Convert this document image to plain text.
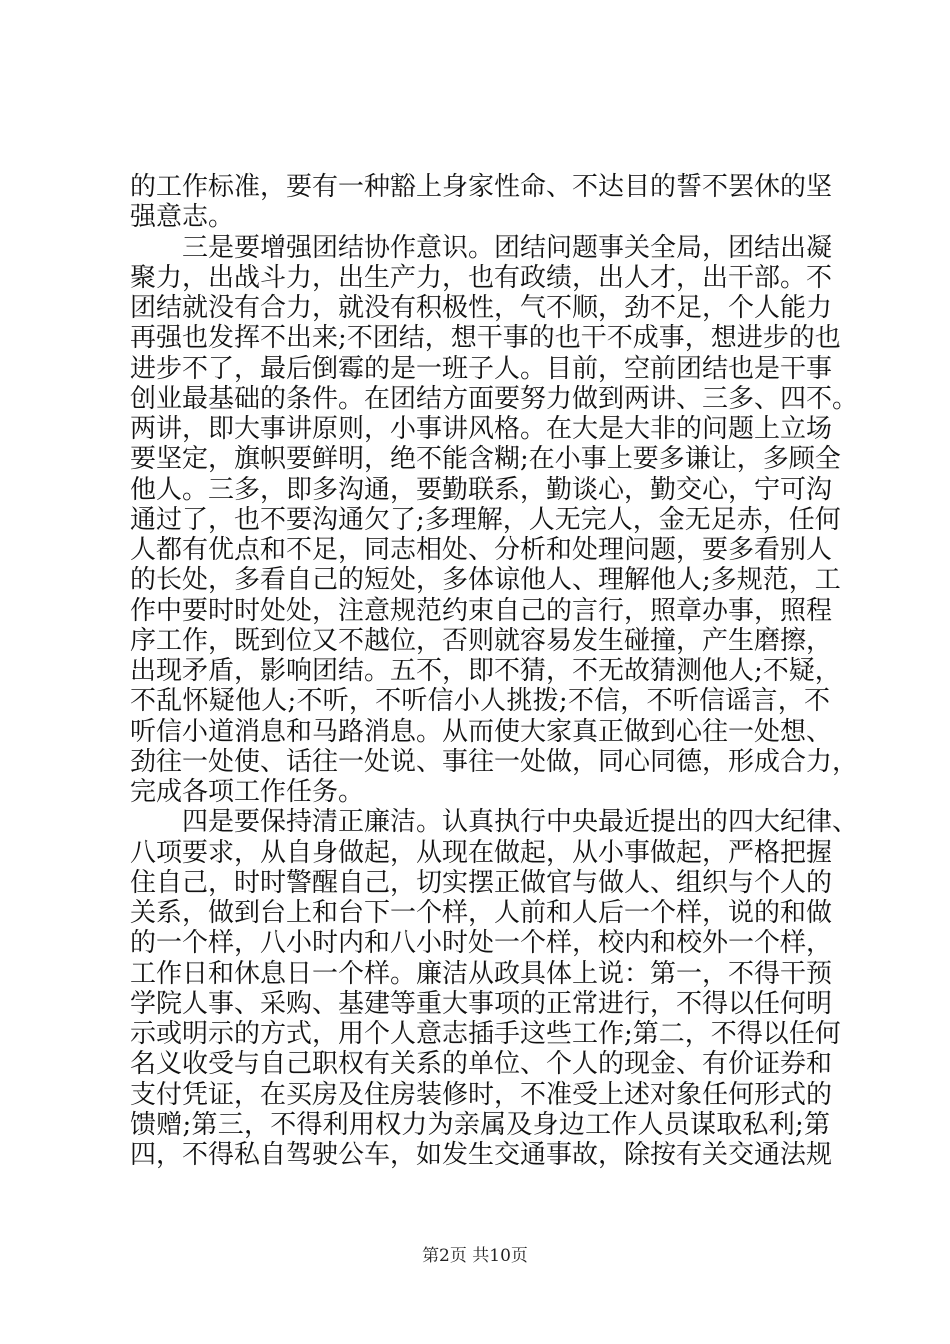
的工作标准，要有一种豁上身家性命、不达目的誓不罢休的坚
强意志。
三是要增强团结协作意识。团结问题事关全局，团结出凝
聚力，出战斗力，出生产力，也有政绩，出人才，出干部。不
团结就没有合力，就没有积极性，气不顺，劲不足，个人能力
再强也发挥不出来;不团结，想干事的也干不成事，想进步的也
进步不了，最后倒霉的是一班子人。目前，空前团结也是干事
创业最基础的条件。在团结方面要努力做到两讲、三多、四不。
两讲，即大事讲原则，小事讲风格。在大是大非的问题上立场
要坚定，旗帜要鲜明，绝不能含糊;在小事上要多谦让，多顾全
他人。三多，即多沟通，要勤联系，勤谈心，勤交心，宁可沟
通过了，也不要沟通欠了;多理解，人无完人，金无足赤，任何
人都有优点和不足，同志相处、分析和处理问题，要多看别人
的长处，多看自己的短处，多体谅他人、理解他人;多规范，工
作中要时时处处，注意规范约束自己的言行，照章办事，照程
序工作，既到位又不越位，否则就容易发生碰撞，产生磨擦，
出现矛盾，影响团结。五不，即不猜，不无故猜测他人;不疑，
不乱怀疑他人;不听，不听信小人挑拨;不信，不听信谣言，不
听信小道消息和马路消息。从而使大家真正做到心往一处想、
劲往一处使、话往一处说、事往一处做，同心同德，形成合力，
完成各项工作任务。
四是要保持清正廉洁。认真执行中央最近提出的四大纪律、
八项要求，从自身做起，从现在做起，从小事做起，严格把握
住自己，时时警醒自己，切实摆正做官与做人、组织与个人的
关系，做到台上和台下一个样，人前和人后一个样，说的和做
的一个样，八小时内和八小时处一个样，校内和校外一个样，
工作日和休息日一个样。廉洁从政具体上说：第一，不得干预
学院人事、采购、基建等重大事项的正常进行，不得以任何明
示或明示的方式，用个人意志插手这些工作;第二，不得以任何
名义收受与自己职权有关系的单位、个人的现金、有价证券和
支付凭证，在买房及住房装修时，不准受上述对象任何形式的
馈赠;第三，不得利用权力为亲属及身边工作人员谋取私利;第
四，不得私自驾驶公车，如发生交通事故，除按有关交通法规
第2页 共10页
